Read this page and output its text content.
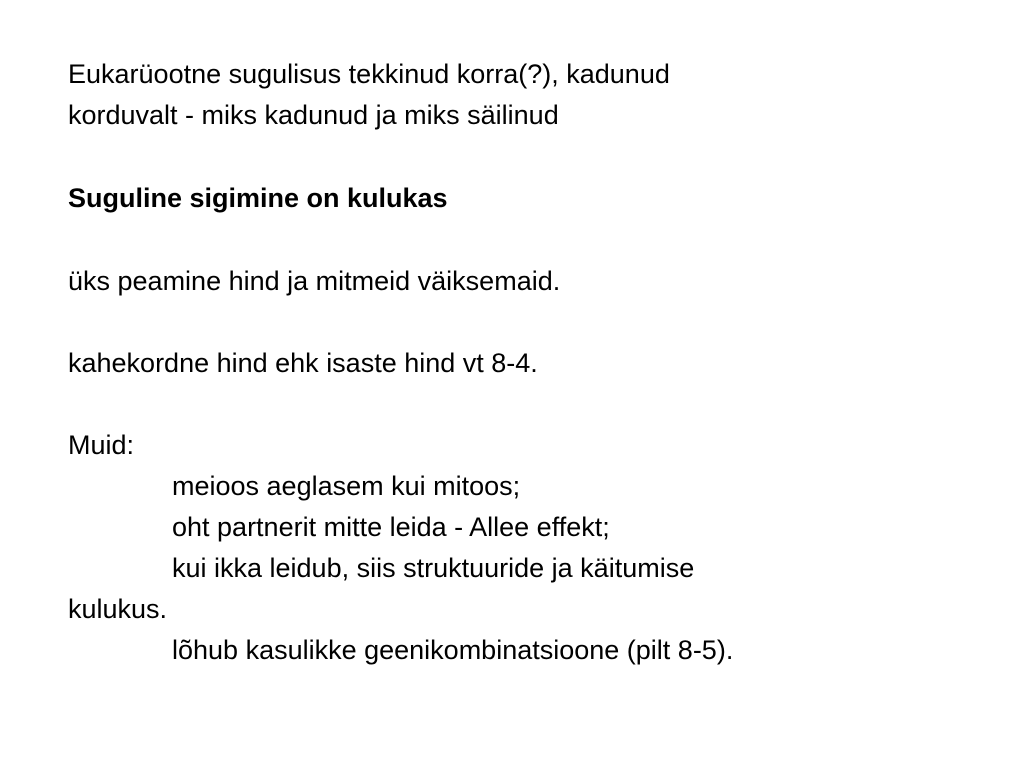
Eukarüootne sugulisus tekkinud korra(?), kadunud
korduvalt - miks kadunud ja miks säilinud
Suguline sigimine on kulukas
üks peamine hind ja mitmeid väiksemaid.
kahekordne hind ehk isaste hind vt 8-4.
Muid:
meioos aeglasem kui mitoos;
oht partnerit mitte leida - Allee effekt;
kui ikka leidub, siis struktuuride ja käitumise
kulukus.
lõhub kasulikke geenikombinatsioone (pilt 8-5).
